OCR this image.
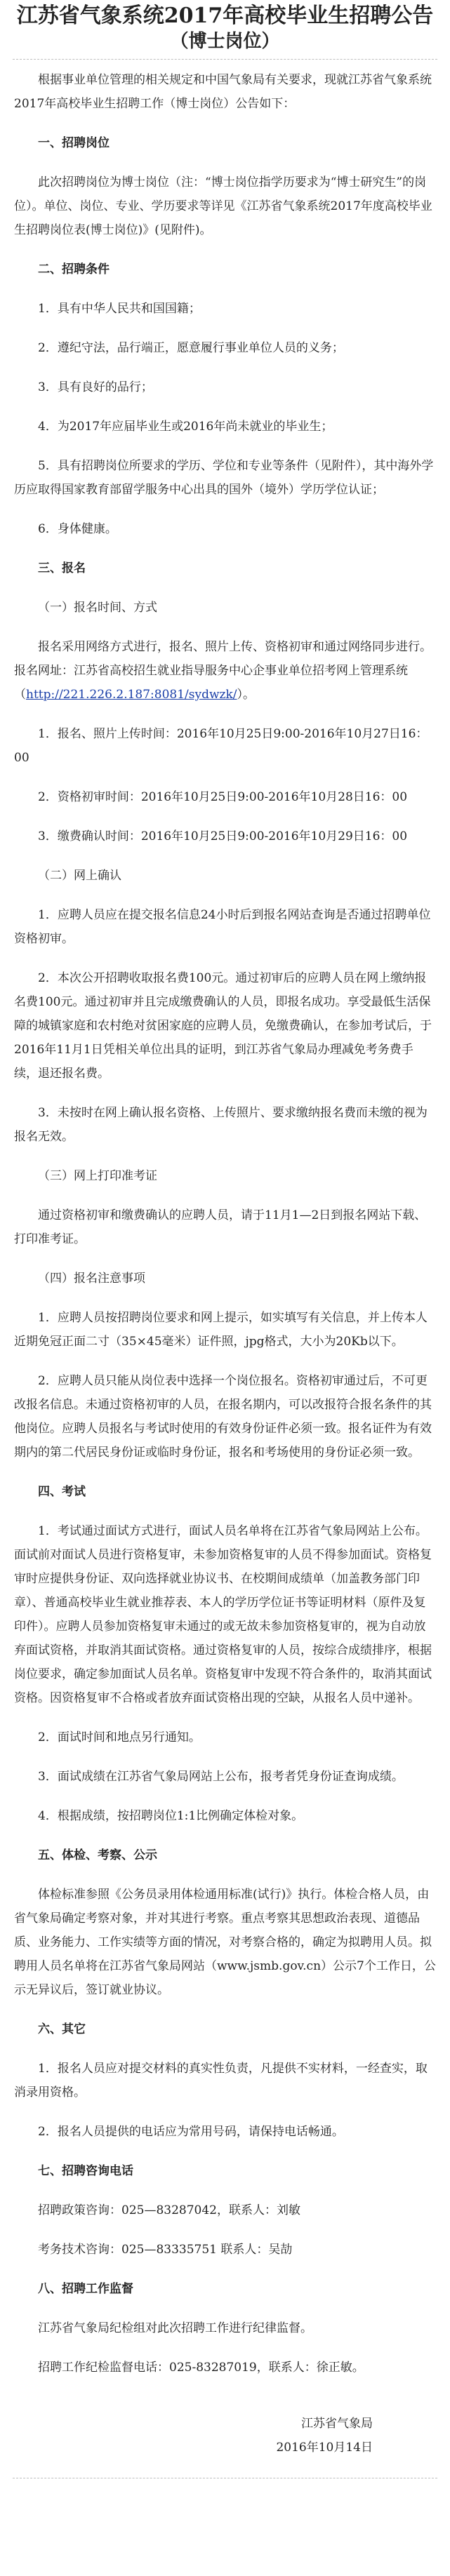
江苏省气象系统2017年高校毕业生招聘公告
（博士岗位）

根据事业单位管理的相关规定和中国气象局有关要求，现就江苏省气象系统2017年高校毕业生招聘工作（博士岗位）公告如下：

一、招聘岗位

此次招聘岗位为博士岗位（注：“博士岗位指学历要求为“博士研究生”的岗位）。单位、岗位、专业、学历要求等详见《江苏省气象系统2017年度高校毕业生招聘岗位表(博士岗位)》(见附件)。

二、招聘条件

1．具有中华人民共和国国籍；

2．遵纪守法，品行端正，愿意履行事业单位人员的义务；

3．具有良好的品行；

4．为2017年应届毕业生或2016年尚未就业的毕业生；

5．具有招聘岗位所要求的学历、学位和专业等条件（见附件），其中海外学历应取得国家教育部留学服务中心出具的国外（境外）学历学位认证；

6．身体健康。

三、报名

（一）报名时间、方式

报名采用网络方式进行，报名、照片上传、资格初审和通过网络同步进行。报名网址：江苏省高校招生就业指导服务中心企事业单位招考网上管理系统（http://221.226.2.187:8081/sydwzk/）。

1．报名、照片上传时间：2016年10月25日9:00-2016年10月27日16：00

2．资格初审时间：2016年10月25日9:00-2016年10月28日16：00

3．缴费确认时间：2016年10月25日9:00-2016年10月29日16：00

（二）网上确认

1．应聘人员应在提交报名信息24小时后到报名网站查询是否通过招聘单位资格初审。

2．本次公开招聘收取报名费100元。通过初审后的应聘人员在网上缴纳报名费100元。通过初审并且完成缴费确认的人员，即报名成功。享受最低生活保障的城镇家庭和农村绝对贫困家庭的应聘人员，免缴费确认，在参加考试后，于2016年11月1日凭相关单位出具的证明，到江苏省气象局办理减免考务费手续，退还报名费。

3．未按时在网上确认报名资格、上传照片、要求缴纳报名费而未缴的视为报名无效。

（三）网上打印准考证

通过资格初审和缴费确认的应聘人员，请于11月1—2日到报名网站下载、打印准考证。

（四）报名注意事项

1．应聘人员按招聘岗位要求和网上提示，如实填写有关信息，并上传本人近期免冠正面二寸（35×45毫米）证件照，jpg格式，大小为20Kb以下。

2．应聘人员只能从岗位表中选择一个岗位报名。资格初审通过后，不可更改报名信息。未通过资格初审的人员，在报名期内，可以改报符合报名条件的其他岗位。应聘人员报名与考试时使用的有效身份证件必须一致。报名证件为有效期内的第二代居民身份证或临时身份证，报名和考场使用的身份证必须一致。

四、考试

1．考试通过面试方式进行，面试人员名单将在江苏省气象局网站上公布。面试前对面试人员进行资格复审，未参加资格复审的人员不得参加面试。资格复审时应提供身份证、双向选择就业协议书、在校期间成绩单（加盖教务部门印章）、普通高校毕业生就业推荐表、本人的学历学位证书等证明材料（原件及复印件）。应聘人员参加资格复审未通过的或无故未参加资格复审的，视为自动放弃面试资格，并取消其面试资格。通过资格复审的人员，按综合成绩排序，根据岗位要求，确定参加面试人员名单。资格复审中发现不符合条件的，取消其面试资格。因资格复审不合格或者放弃面试资格出现的空缺，从报名人员中递补。

2．面试时间和地点另行通知。

3．面试成绩在江苏省气象局网站上公布，报考者凭身份证查询成绩。

4．根据成绩，按招聘岗位1:1比例确定体检对象。

五、体检、考察、公示

体检标准参照《公务员录用体检通用标准(试行)》执行。体检合格人员，由省气象局确定考察对象，并对其进行考察。重点考察其思想政治表现、道德品质、业务能力、工作实绩等方面的情况，对考察合格的，确定为拟聘用人员。拟聘用人员名单将在江苏省气象局网站（www.jsmb.gov.cn）公示7个工作日，公示无异议后，签订就业协议。

六、其它

1．报名人员应对提交材料的真实性负责，凡提供不实材料，一经查实，取消录用资格。

2．报名人员提供的电话应为常用号码，请保持电话畅通。

七、招聘咨询电话

招聘政策咨询：025—83287042，联系人：刘敏

考务技术咨询：025—83335751 联系人：吴劼

八、招聘工作监督

江苏省气象局纪检组对此次招聘工作进行纪律监督。

招聘工作纪检监督电话：025-83287019，联系人：徐正敏。

江苏省气象局
2016年10月14日
